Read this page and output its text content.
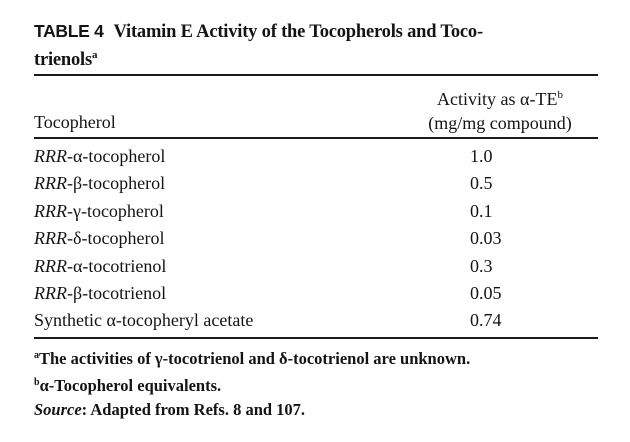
TABLE 4 Vitamin E Activity of the Tocopherols and Toco-
trienols$^a$
Tocopherol
Activity as $\alpha-TE^b$
(mg/mg compound)
RRR-α-tocopherol	1.0
RRR-β-tocopherol	0.5
RRR-γ-tocopherol	0.1
RRR-δ-tocopherol	0.03
RRR-α-tocotrienol	0.3
RRR-β-tocotrienol	0.05
Synthetic α-tocopheryl acetate	0.74
$^a$The activities of γ-tocotrienol and δ-tocotrienol are unknown.
$^b$α-Tocopherol equivalents.
Source: Adapted from Refs. 8 and 107.
